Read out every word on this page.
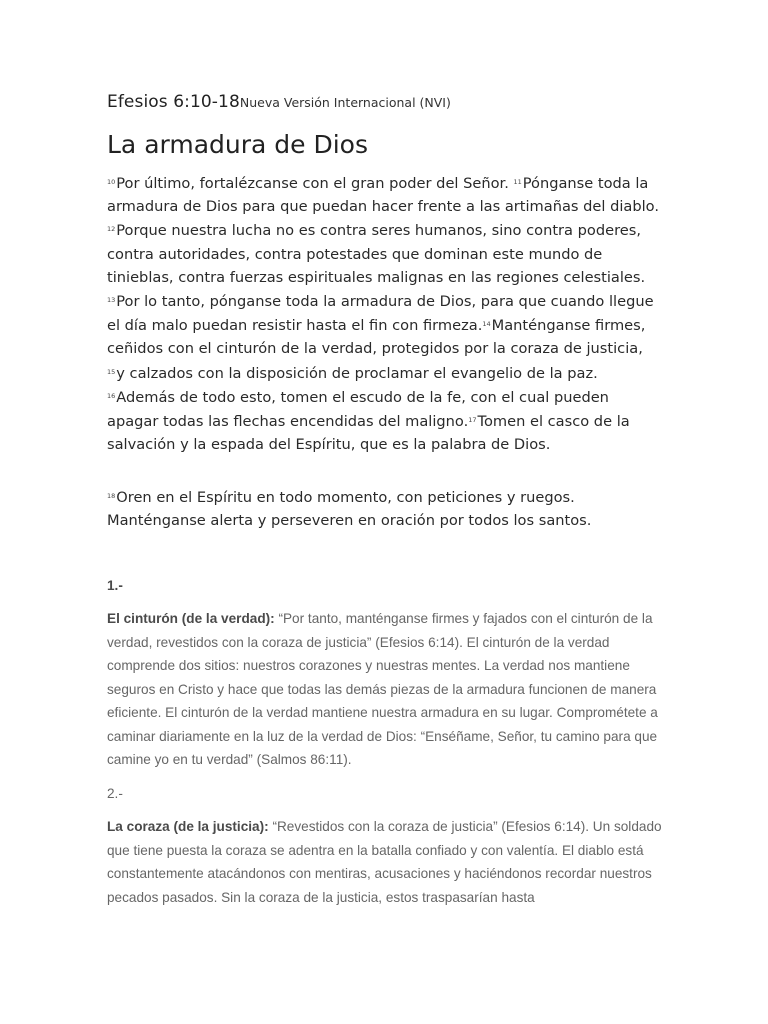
Efesios 6:10-18Nueva Versión Internacional (NVI)
La armadura de Dios

$^{10}$Por último, fortalézcanse con el gran poder del Señor. $^{11}$Pónganse toda la armadura de Dios para que puedan hacer frente a las artimañas del diablo. $^{12}$Porque nuestra lucha no es contra seres humanos, sino contra poderes, contra autoridades, contra potestades que dominan este mundo de tinieblas, contra fuerzas espirituales malignas en las regiones celestiales. $^{13}$Por lo tanto, pónganse toda la armadura de Dios, para que cuando llegue el día malo puedan resistir hasta el fin con firmeza.$^{14}$Manténganse firmes, ceñidos con el cinturón de la verdad, protegidos por la coraza de justicia, $^{15}$y calzados con la disposición de proclamar el evangelio de la paz. $^{16}$Además de todo esto, tomen el escudo de la fe, con el cual pueden apagar todas las flechas encendidas del maligno.$^{17}$Tomen el casco de la salvación y la espada del Espíritu, que es la palabra de Dios.

$^{18}$Oren en el Espíritu en todo momento, con peticiones y ruegos. Manténganse alerta y perseveren en oración por todos los santos.

1.-
El cinturón (de la verdad): “Por tanto, manténganse firmes y fajados con el cinturón de la verdad, revestidos con la coraza de justicia” (Efesios 6:14). El cinturón de la verdad comprende dos sitios: nuestros corazones y nuestras mentes. La verdad nos mantiene seguros en Cristo y hace que todas las demás piezas de la armadura funcionen de manera eficiente. El cinturón de la verdad mantiene nuestra armadura en su lugar. Comprométete a caminar diariamente en la luz de la verdad de Dios: “Enséñame, Señor, tu camino para que camine yo en tu verdad” (Salmos 86:11).
2.-
La coraza (de la justicia): “Revestidos con la coraza de justicia” (Efesios 6:14). Un soldado que tiene puesta la coraza se adentra en la batalla confiado y con valentía. El diablo está constantemente atacándonos con mentiras, acusaciones y haciéndonos recordar nuestros pecados pasados. Sin la coraza de la justicia, estos traspasarían hasta
